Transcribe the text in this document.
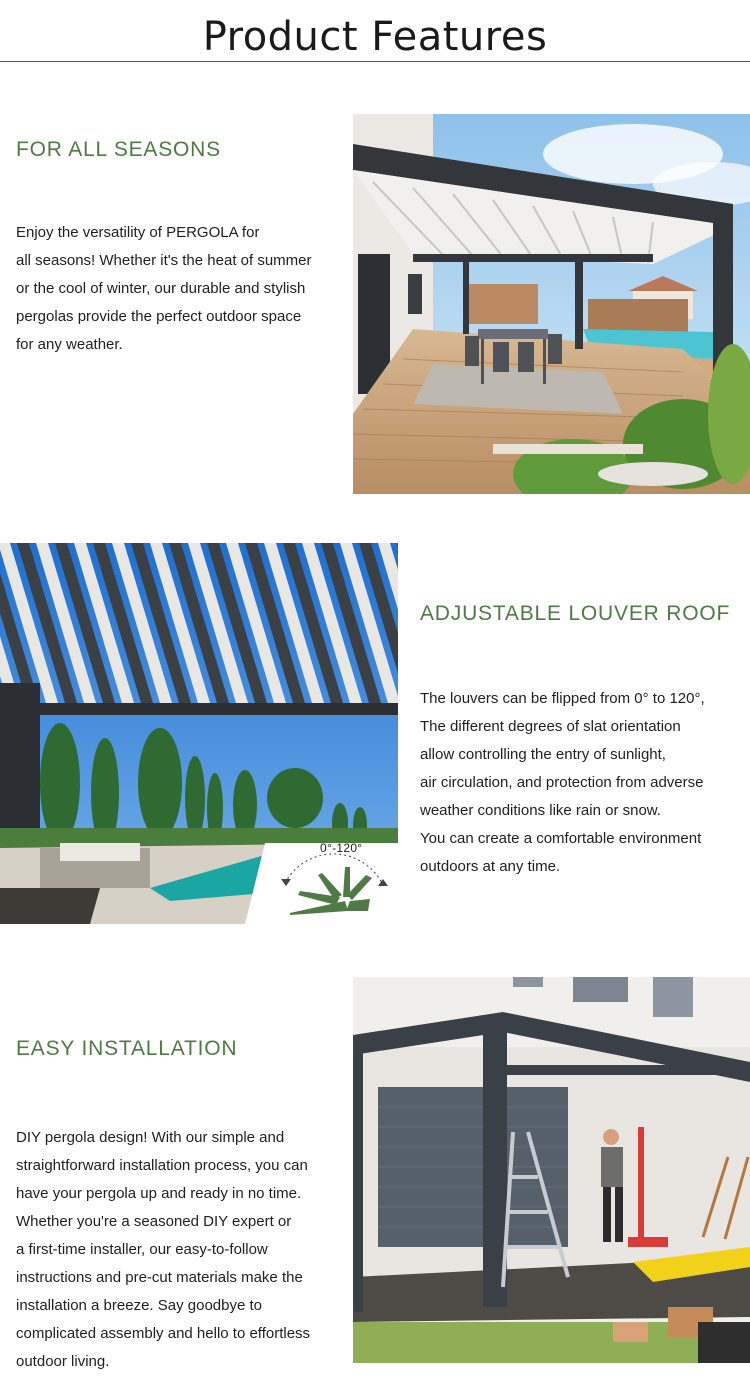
Product Features
FOR ALL SEASONS
Enjoy the versatility of PERGOLA for
all seasons! Whether it's the heat of summer
or the cool of winter, our durable and stylish
pergolas provide the perfect outdoor space
for any weather.
0°-120°
ADJUSTABLE LOUVER ROOF
The louvers can be flipped from 0° to 120°,
The different degrees of slat orientation
allow controlling the entry of sunlight,
air circulation, and protection from adverse
weather conditions like rain or snow.
You can create a comfortable environment
outdoors at any time.
EASY INSTALLATION
DIY pergola design! With our simple and
straightforward installation process, you can
have your pergola up and ready in no time.
Whether you're a seasoned DIY expert or
a first-time installer, our easy-to-follow
instructions and pre-cut materials make the
installation a breeze. Say goodbye to
complicated assembly and hello to effortless
outdoor living.
